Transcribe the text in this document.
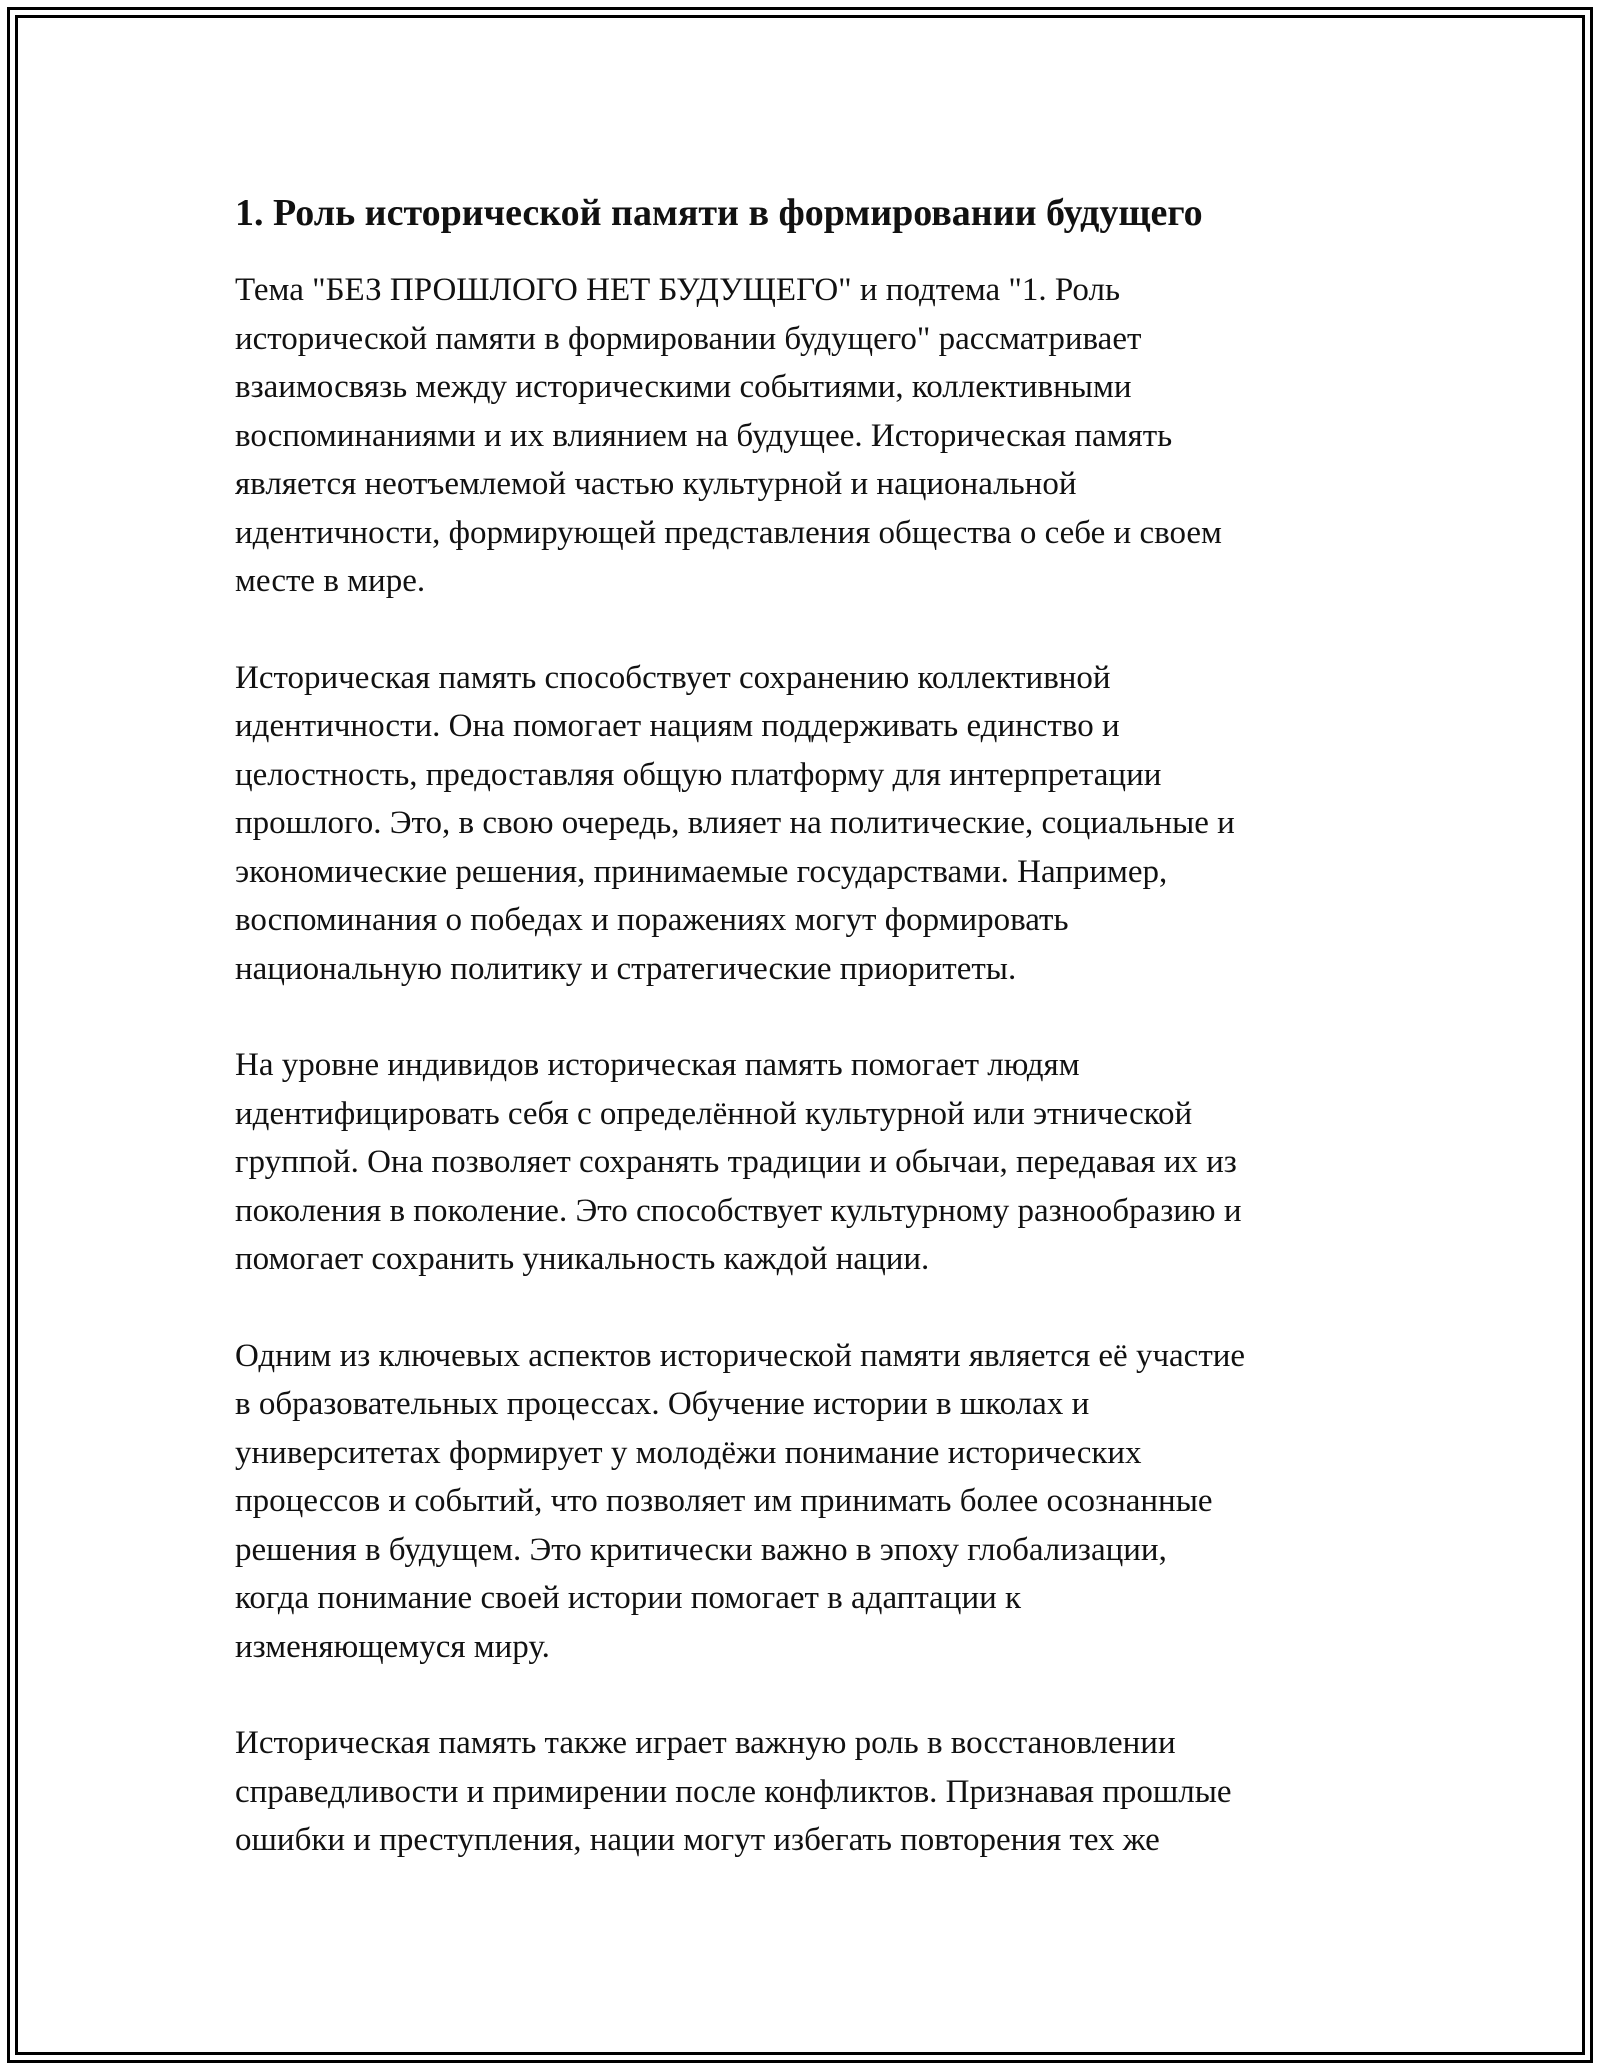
1. Роль исторической памяти в формировании будущего

Тема "БЕЗ ПРОШЛОГО НЕТ БУДУЩЕГО" и подтема "1. Роль
исторической памяти в формировании будущего" рассматривает
взаимосвязь между историческими событиями, коллективными
воспоминаниями и их влиянием на будущее. Историческая память
является неотъемлемой частью культурной и национальной
идентичности, формирующей представления общества о себе и своем
месте в мире.

Историческая память способствует сохранению коллективной
идентичности. Она помогает нациям поддерживать единство и
целостность, предоставляя общую платформу для интерпретации
прошлого. Это, в свою очередь, влияет на политические, социальные и
экономические решения, принимаемые государствами. Например,
воспоминания о победах и поражениях могут формировать
национальную политику и стратегические приоритеты.

На уровне индивидов историческая память помогает людям
идентифицировать себя с определённой культурной или этнической
группой. Она позволяет сохранять традиции и обычаи, передавая их из
поколения в поколение. Это способствует культурному разнообразию и
помогает сохранить уникальность каждой нации.

Одним из ключевых аспектов исторической памяти является её участие
в образовательных процессах. Обучение истории в школах и
университетах формирует у молодёжи понимание исторических
процессов и событий, что позволяет им принимать более осознанные
решения в будущем. Это критически важно в эпоху глобализации,
когда понимание своей истории помогает в адаптации к
изменяющемуся миру.

Историческая память также играет важную роль в восстановлении
справедливости и примирении после конфликтов. Признавая прошлые
ошибки и преступления, нации могут избегать повторения тех же
